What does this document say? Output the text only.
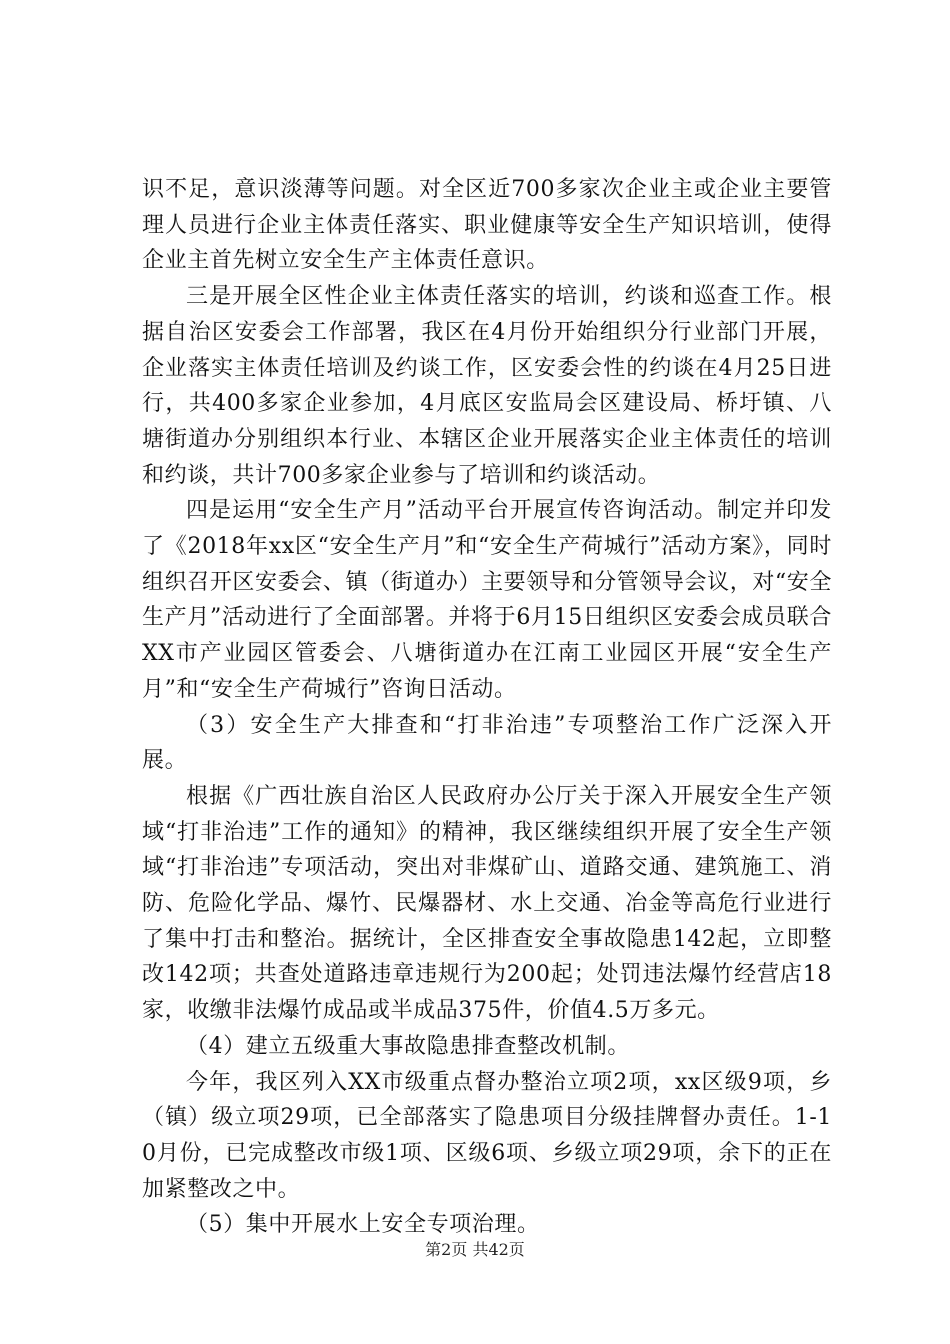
识不足，意识淡薄等问题。对全区近700多家次企业主或企业主要管理人员进行企业主体责任落实、职业健康等安全生产知识培训，使得企业主首先树立安全生产主体责任意识。

三是开展全区性企业主体责任落实的培训，约谈和巡查工作。根据自治区安委会工作部署，我区在4月份开始组织分行业部门开展，企业落实主体责任培训及约谈工作，区安委会性的约谈在4月25日进行，共400多家企业参加，4月底区安监局会区建设局、桥圩镇、八塘街道办分别组织本行业、本辖区企业开展落实企业主体责任的培训和约谈，共计700多家企业参与了培训和约谈活动。

四是运用“安全生产月”活动平台开展宣传咨询活动。制定并印发了《2018年xx区“安全生产月”和“安全生产荷城行”活动方案》，同时组织召开区安委会、镇（街道办）主要领导和分管领导会议，对“安全生产月”活动进行了全面部署。并将于6月15日组织区安委会成员联合XX市产业园区管委会、八塘街道办在江南工业园区开展“安全生产月”和“安全生产荷城行”咨询日活动。

（3）安全生产大排查和“打非治违”专项整治工作广泛深入开展。

根据《广西壮族自治区人民政府办公厅关于深入开展安全生产领域“打非治违”工作的通知》的精神，我区继续组织开展了安全生产领域“打非治违”专项活动，突出对非煤矿山、道路交通、建筑施工、消防、危险化学品、爆竹、民爆器材、水上交通、冶金等高危行业进行了集中打击和整治。据统计，全区排查安全事故隐患142起，立即整改142项；共查处道路违章违规行为200起；处罚违法爆竹经营店18家，收缴非法爆竹成品或半成品375件，价值4.5万多元。

（4）建立五级重大事故隐患排查整改机制。

今年，我区列入XX市级重点督办整治立项2项，xx区级9项，乡（镇）级立项29项，已全部落实了隐患项目分级挂牌督办责任。1-10月份，已完成整改市级1项、区级6项、乡级立项29项，余下的正在加紧整改之中。

（5）集中开展水上安全专项治理。

第2页 共42页
